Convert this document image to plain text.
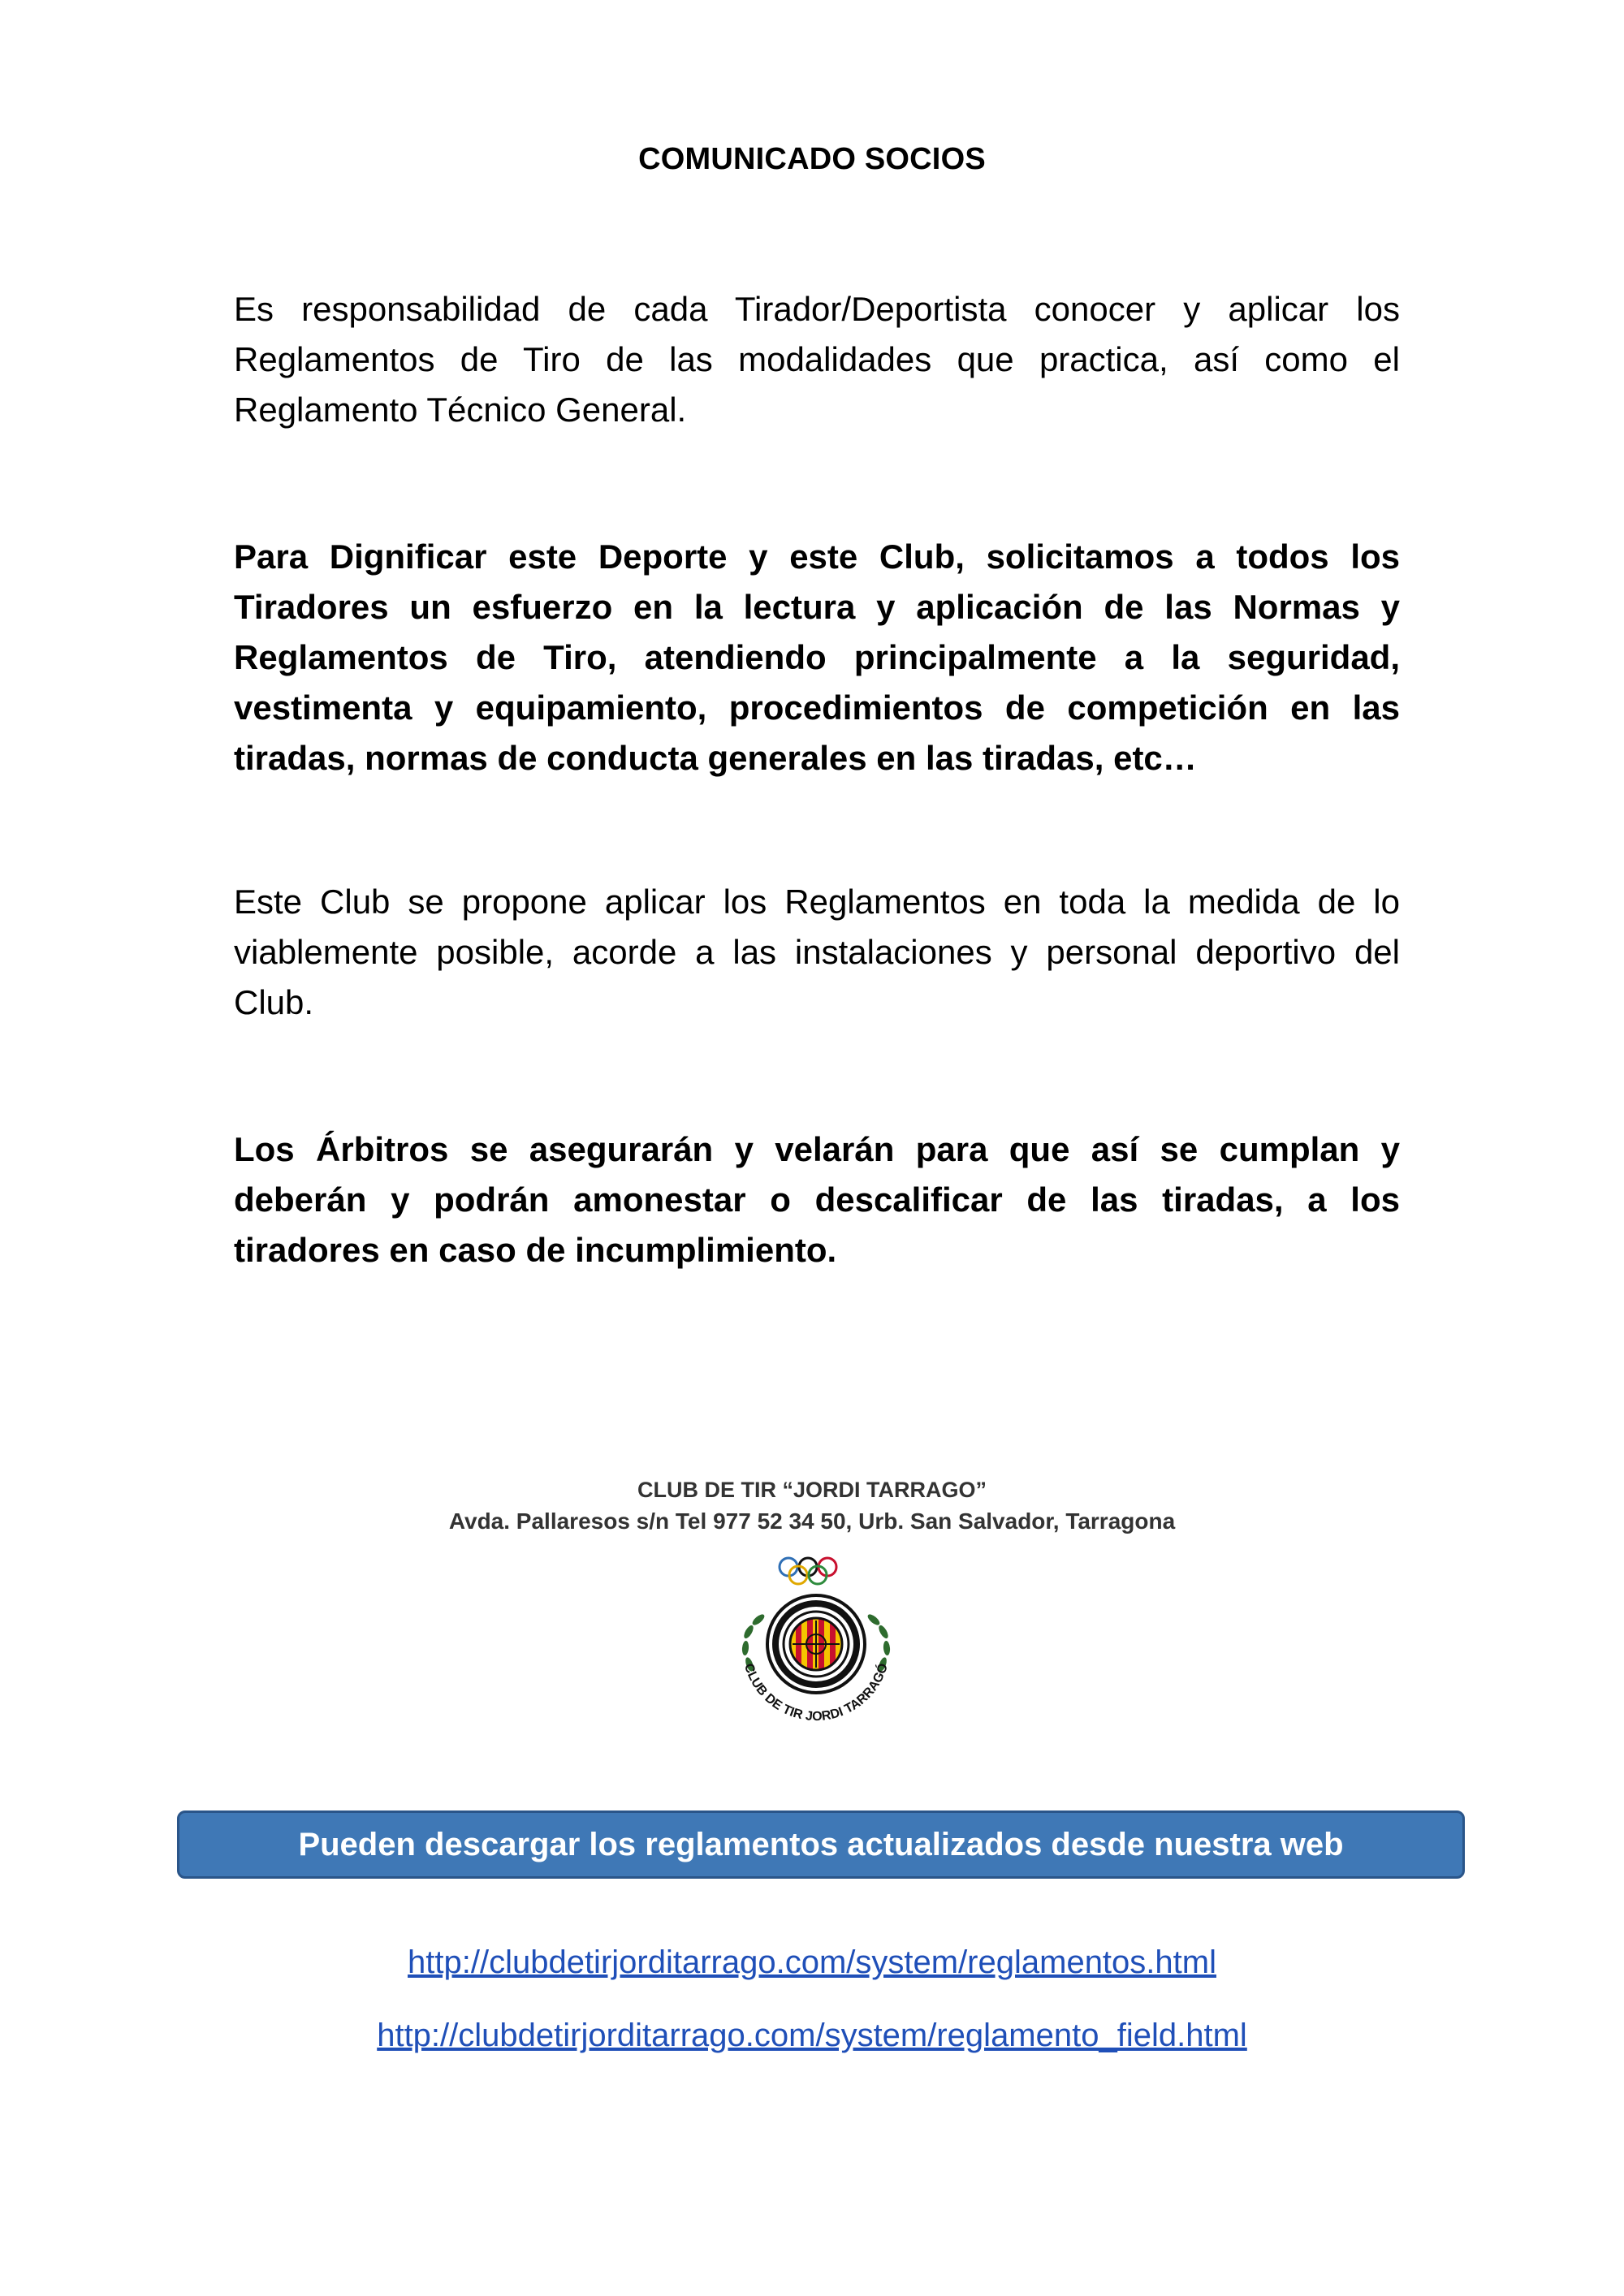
COMUNICADO SOCIOS

Es responsabilidad de cada Tirador/Deportista conocer y aplicar los Reglamentos de Tiro de las modalidades que practica, así como el Reglamento Técnico General.

Para Dignificar este Deporte y este Club, solicitamos a todos los Tiradores un esfuerzo en la lectura y aplicación de las Normas y Reglamentos de Tiro, atendiendo principalmente a la seguridad, vestimenta y equipamiento, procedimientos de competición en las tiradas, normas de conducta generales en las tiradas, etc…

Este Club se propone aplicar los Reglamentos en toda la medida de lo viablemente posible, acorde a las instalaciones y personal deportivo del Club.

Los Árbitros se asegurarán y velarán para que así se cumplan y deberán y podrán amonestar o descalificar de las tiradas, a los tiradores en caso de incumplimiento.

CLUB DE TIR “JORDI TARRAGO”
Avda. Pallaresos s/n Tel 977 52 34 50, Urb. San Salvador, Tarragona
CLUB DE TIR JORDI TARRAGÓ
Pueden descargar los reglamentos actualizados desde nuestra web
http://clubdetirjorditarrago.com/system/reglamentos.html
http://clubdetirjorditarrago.com/system/reglamento_field.html
